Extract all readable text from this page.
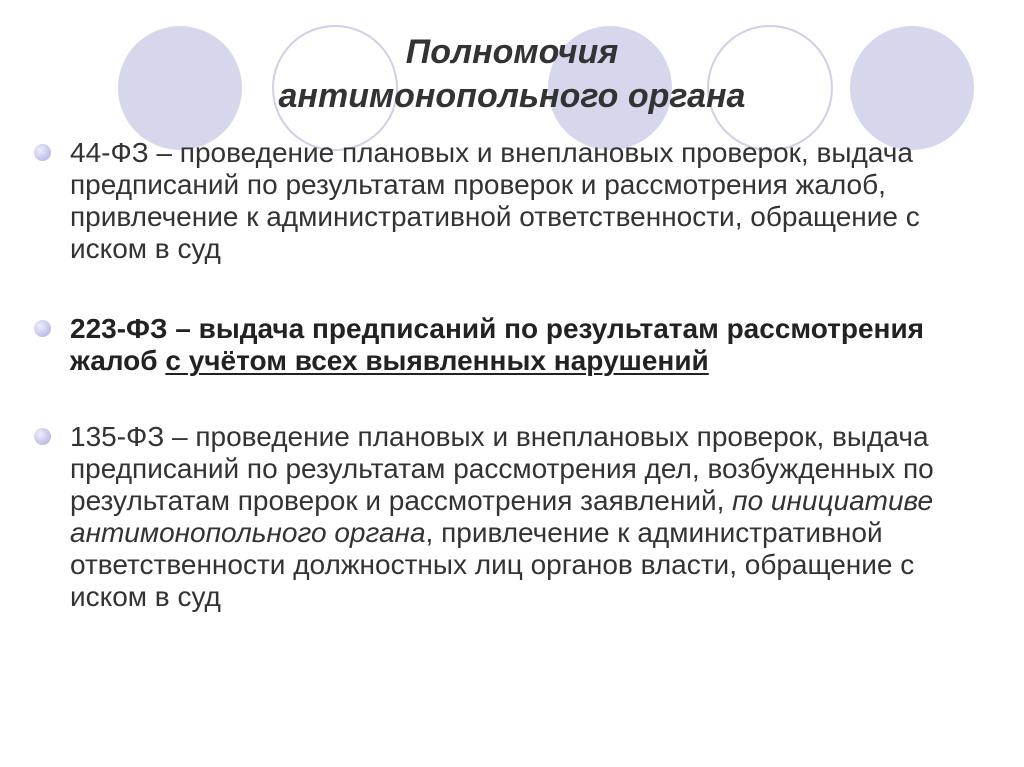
Полномочия
антимонопольного органа
44-ФЗ – проведение плановых и внеплановых проверок, выдача предписаний по результатам проверок и рассмотрения жалоб, привлечение к административной ответственности, обращение с иском в суд
223-ФЗ – выдача предписаний по результатам рассмотрения жалоб с учётом всех выявленных нарушений
135-ФЗ – проведение плановых и внеплановых проверок, выдача предписаний по результатам рассмотрения дел, возбужденных по результатам проверок и рассмотрения заявлений, по инициативе антимонопольного органа, привлечение к административной ответственности должностных лиц органов власти, обращение с иском в суд
